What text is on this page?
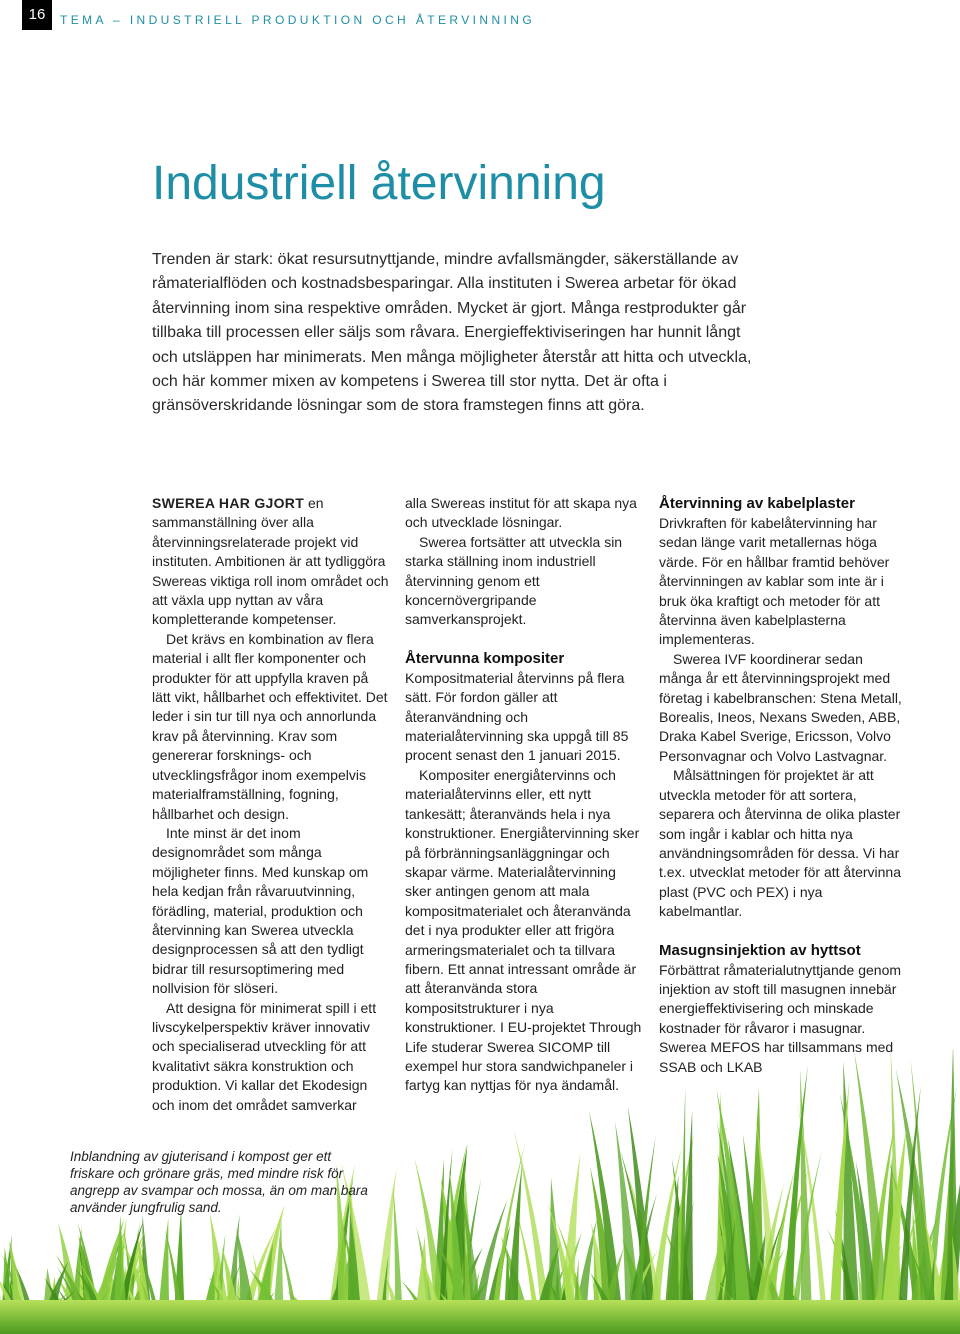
16	TEMA – INDUSTRIELL PRODUKTION OCH ÅTERVINNING
Industriell återvinning

Trenden är stark: ökat resursutnyttjande, mindre avfallsmängder, säkerställande av råmaterialflöden och kostnadsbesparingar. Alla instituten i Swerea arbetar för ökad återvinning inom sina respektive områden. Mycket är gjort. Många restprodukter går tillbaka till processen eller säljs som råvara. Energieffektiviseringen har hunnit långt och utsläppen har minimerats. Men många möjligheter återstår att hitta och utveckla, och här kommer mixen av kompetens i Swerea till stor nytta. Det är ofta i gränsöverskridande lösningar som de stora framstegen finns att göra.

SWEREA HAR GJORT en sammanställning över alla återvinningsrelaterade projekt vid instituten. Ambitionen är att tydliggöra Swereas viktiga roll inom området och att växla upp nyttan av våra kompletterande kompetenser.

Det krävs en kombination av flera material i allt fler komponenter och produkter för att uppfylla kraven på lätt vikt, hållbarhet och effektivitet. Det leder i sin tur till nya och annorlunda krav på återvinning. Krav som genererar forsknings- och utvecklingsfrågor inom exempelvis materialframställning, fogning, hållbarhet och design.

Inte minst är det inom designområdet som många möjligheter finns. Med kunskap om hela kedjan från råvaruutvinning, förädling, material, produktion och återvinning kan Swerea utveckla designprocessen så att den tydligt bidrar till resursoptimering med nollvision för slöseri.

Att designa för minimerat spill i ett livscykelperspektiv kräver innovativ och specialiserad utveckling för att kvalitativt säkra konstruktion och produktion. Vi kallar det Ekodesign och inom det området samverkar

alla Swereas institut för att skapa nya och utvecklade lösningar.

Swerea fortsätter att utveckla sin starka ställning inom industriell återvinning genom ett koncernövergripande samverkansprojekt.

Återvunna kompositer

Kompositmaterial återvinns på flera sätt. För fordon gäller att återanvändning och materialåtervinning ska uppgå till 85 procent senast den 1 januari 2015.

Kompositer energiåtervinns och materialåtervinns eller, ett nytt tankesätt; återanvänds hela i nya konstruktioner. Energiåtervinning sker på förbränningsanläggningar och skapar värme. Materialåtervinning sker antingen genom att mala kompositmaterialet och återanvända det i nya produkter eller att frigöra armeringsmaterialet och ta tillvara fibern. Ett annat intressant område är att återanvända stora kompositstrukturer i nya konstruktioner. I EU-projektet Through Life studerar Swerea SICOMP till exempel hur stora sandwichpaneler i fartyg kan nyttjas för nya ändamål.

Återvinning av kabelplaster

Drivkraften för kabelåtervinning har sedan länge varit metallernas höga värde. För en hållbar framtid behöver återvinningen av kablar som inte är i bruk öka kraftigt och metoder för att återvinna även kabelplasterna implementeras.

Swerea IVF koordinerar sedan många år ett återvinningsprojekt med företag i kabelbranschen: Stena Metall, Borealis, Ineos, Nexans Sweden, ABB, Draka Kabel Sverige, Ericsson, Volvo Personvagnar och Volvo Lastvagnar.

Målsättningen för projektet är att utveckla metoder för att sortera, separera och återvinna de olika plaster som ingår i kablar och hitta nya användningsområden för dessa. Vi har t.ex. utvecklat metoder för att återvinna plast (PVC och PEX) i nya kabelmantlar.

Masugnsinjektion av hyttsot

Förbättrat råmaterialutnyttjande genom injektion av stoft till masugnen innebär energieffektivisering och minskade kostnader för råvaror i masugnar. Swerea MEFOS har tillsammans med SSAB och LKAB

Inblandning av gjuterisand i kompost ger ett friskare och grönare gräs, med mindre risk för angrepp av svampar och mossa, än om man bara använder jungfrulig sand.
